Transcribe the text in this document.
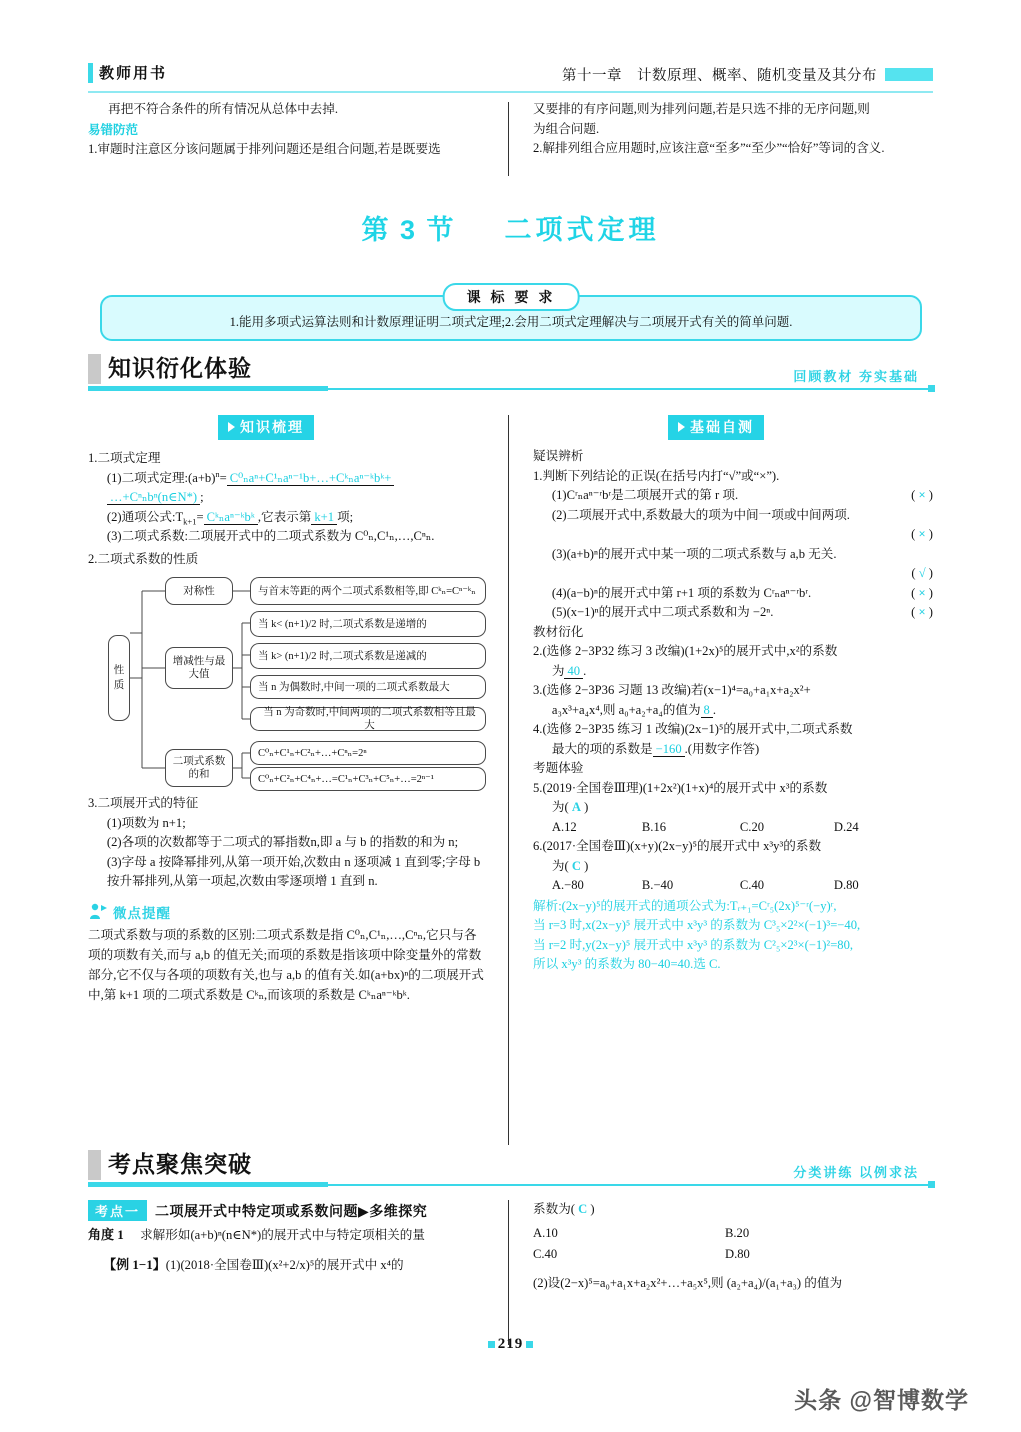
教师用书	第十一章　计数原理、概率、随机变量及其分布
再把不符合条件的所有情况从总体中去掉.
易错防范
1.审题时注意区分该问题属于排列问题还是组合问题,若是既要选
又要排的有序问题,则为排列问题,若是只选不排的无序问题,则
为组合问题.
2.解排列组合应用题时,应该注意“至多”“至少”“恰好”等词的含义.
第 3 节 二项式定理
课 标 要 求
1.能用多项式运算法则和计数原理证明二项式定理;2.会用二项式定理解决与二项展开式有关的简单问题.
知识衍化体验	回顾教材 夯实基础
知识梳理
1.二项式定理
(1)二项式定理$:(a+b)^n=$ C⁰ₙaⁿ+C¹ₙaⁿ⁻¹b+…+Cᵏₙaⁿ⁻ᵏbᵏ+
…+Cⁿₙbⁿ(n∈N*) ;
(2)通项公式$:T_{k+1}=$ Cᵏₙaⁿ⁻ᵏbᵏ ,它表示第 k+1 项;
(3)二项式系数:二项展开式中的二项式系数为 C⁰ₙ,C¹ₙ,…,Cⁿₙ.
2.二项式系数的性质
性质
对称性
增减性与最大值
二项式系数的和
与首末等距的两个二项式系数相等,即 Cᵏₙ=Cⁿ⁻ᵏₙ
当 k< (n+1)/2 时,二项式系数是递增的
当 k> (n+1)/2 时,二项式系数是递减的
当 n 为偶数时,中间一项的二项式系数最大
当 n 为奇数时,中间两项的二项式系数相等且最大
C⁰ₙ+C¹ₙ+C²ₙ+…+Cⁿₙ=2ⁿ
C⁰ₙ+C²ₙ+C⁴ₙ+…=C¹ₙ+C³ₙ+C⁵ₙ+…=2ⁿ⁻¹
3.二项展开式的特征
(1)项数为 n+1;
(2)各项的次数都等于二项式的幂指数n,即 a 与 b 的指数的和为 n;
(3)字母 a 按降幂排列,从第一项开始,次数由 n 逐项减 1 直到零;字母 b 按升幂排列,从第一项起,次数由零逐项增 1 直到 n.
微点提醒
二项式系数与项的系数的区别:二项式系数是指 C⁰ₙ,C¹ₙ,…,Cⁿₙ,它只与各项的项数有关,而与 a,b 的值无关;而项的系数是指该项中除变量外的常数部分,它不仅与各项的项数有关,也与 a,b 的值有关.如(a+bx)ⁿ的二项展开式中,第 k+1 项的二项式系数是 Cᵏₙ,而该项的系数是 Cᵏₙaⁿ⁻ᵏbᵏ.
基础自测
疑误辨析
1.判断下列结论的正误(在括号内打“√”或“×”).
(1)Cʳₙaⁿ⁻ʳbʳ是二项展开式的第 r 项.	( × )
(2)二项展开式中,系数最大的项为中间一项或中间两项.
( × )
(3)(a+b)ⁿ的展开式中某一项的二项式系数与 a,b 无关.
( √ )
(4)(a−b)ⁿ的展开式中第 r+1 项的系数为 Cʳₙaⁿ⁻ʳbʳ.	( × )
(5)(x−1)ⁿ的展开式中二项式系数和为 −2ⁿ.	( × )
教材衍化
2.(选修 2−3P32 练习 3 改编)(1+2x)⁵的展开式中,x²的系数
为 40 .
3.(选修 2−3P36 习题 13 改编)若(x−1)⁴=a₀+a₁x+a₂x²+
a₃x³+a₄x⁴,则 a₀+a₂+a₄的值为 8 .
4.(选修 2−3P35 练习 1 改编)(2x−1)⁵的展开式中,二项式系数
最大的项的系数是 −160 .(用数字作答)
考题体验
5.(2019·全国卷Ⅲ理)(1+2x²)(1+x)⁴的展开式中 x³的系数
为( A )
A.12	B.16	C.20	D.24
6.(2017·全国卷Ⅲ)(x+y)(2x−y)⁵的展开式中 x³y³的系数
为( C )
A.−80	B.−40	C.40	D.80
解析:(2x−y)⁵的展开式的通项公式为:Tᵣ₊₁=Cʳ₅(2x)⁵⁻ʳ(−y)ʳ,
当 r=3 时,x(2x−y)⁵ 展开式中 x³y³ 的系数为 C³₅×2²×(−1)³=−40,
当 r=2 时,y(2x−y)⁵ 展开式中 x³y³ 的系数为 C²₅×2³×(−1)²=80,
所以 x³y³ 的系数为 80−40=40.选 C.
考点聚焦突破	分类讲练 以例求法
考点一	二项展开式中特定项或系数问题▶多维探究
角度 1 求解形如(a+b)ⁿ(n∈N*)的展开式中与特定项相关的量
【例 1−1】(1)(2018·全国卷Ⅲ)(x²+2/x)⁵的展开式中 x⁴的
系数为( C )
A.10	B.20
C.40	D.80
(2)设(2−x)⁵=a₀+a₁x+a₂x²+…+a₅x⁵,则 (a₂+a₄)/(a₁+a₃) 的值为
219
头条 @智博数学
